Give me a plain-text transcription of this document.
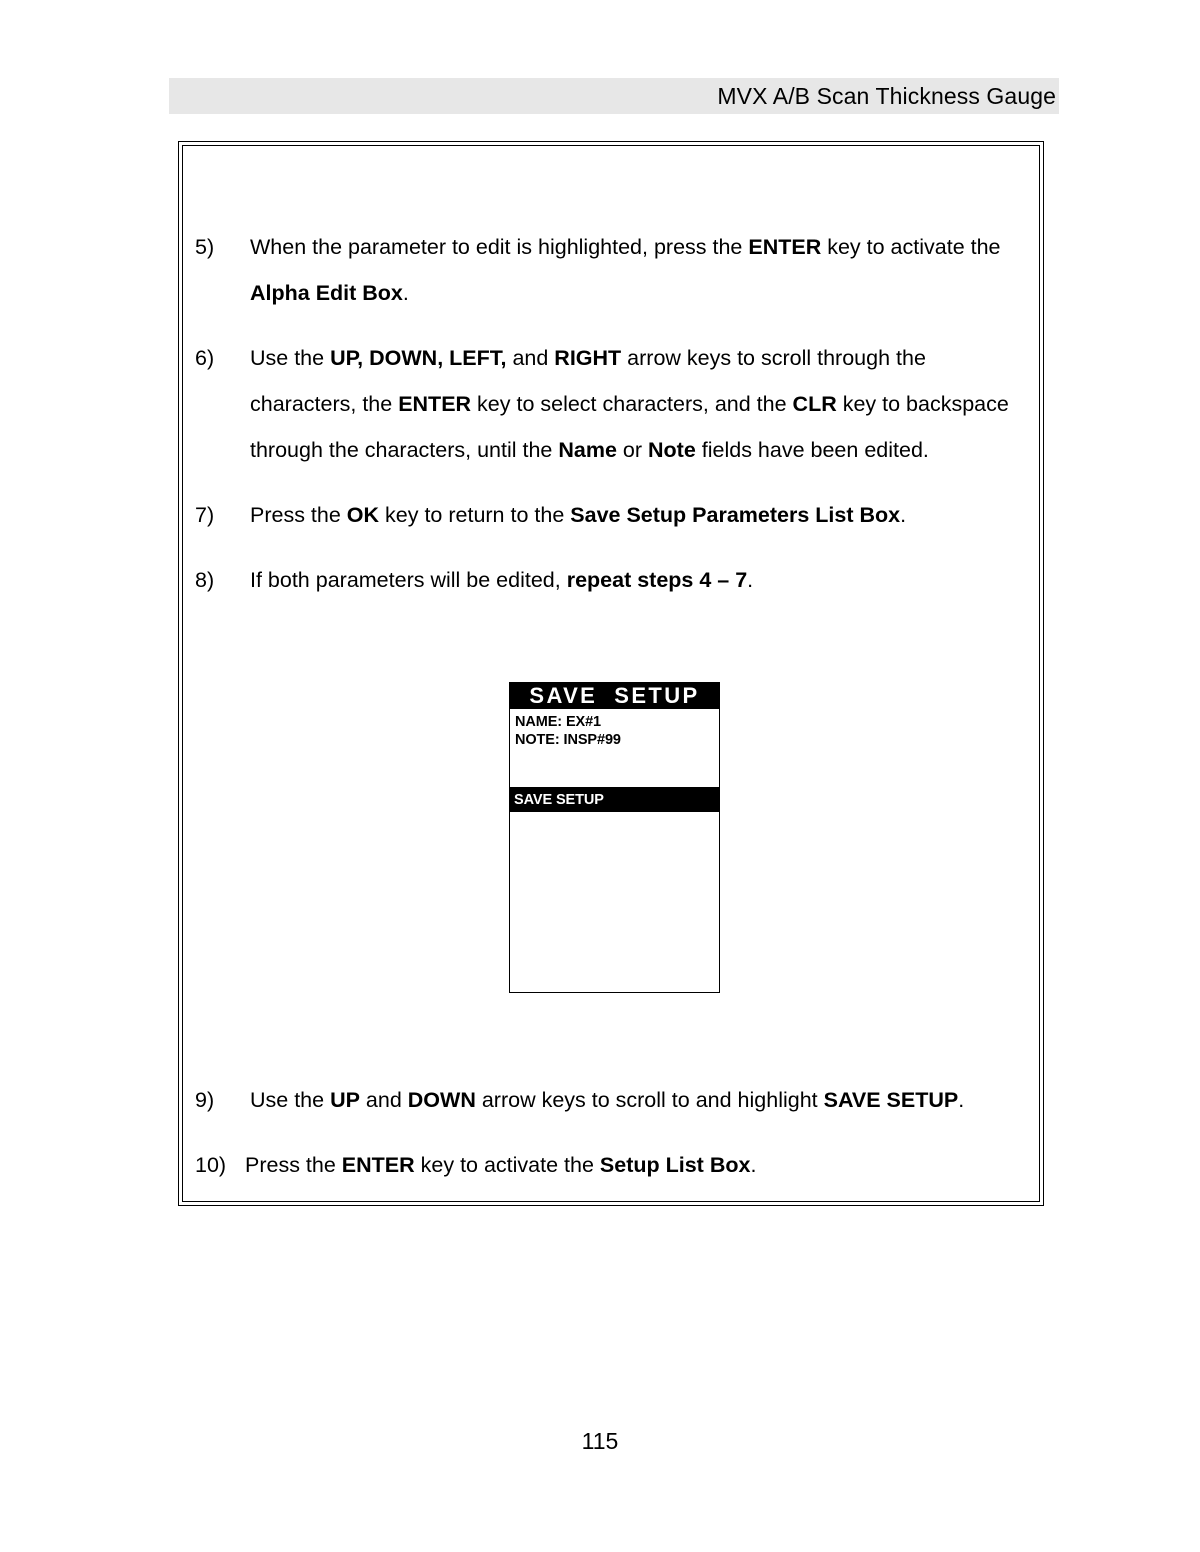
MVX A/B Scan Thickness Gauge
5)	When the parameter to edit is highlighted, press the ENTER key to activate the Alpha Edit Box.
6)	Use the UP, DOWN, LEFT, and RIGHT arrow keys to scroll through the characters, the ENTER key to select characters, and the CLR key to backspace through the characters, until the Name or Note fields have been edited.
7)	Press the OK key to return to the Save Setup Parameters List Box.
8)	If both parameters will be edited, repeat steps 4 – 7.
SAVE  SETUP
NAME: EX#1
NOTE: INSP#99
SAVE SETUP
9)	Use the UP and DOWN arrow keys to scroll to and highlight SAVE SETUP.
10) Press the ENTER key to activate the Setup List Box.
115
